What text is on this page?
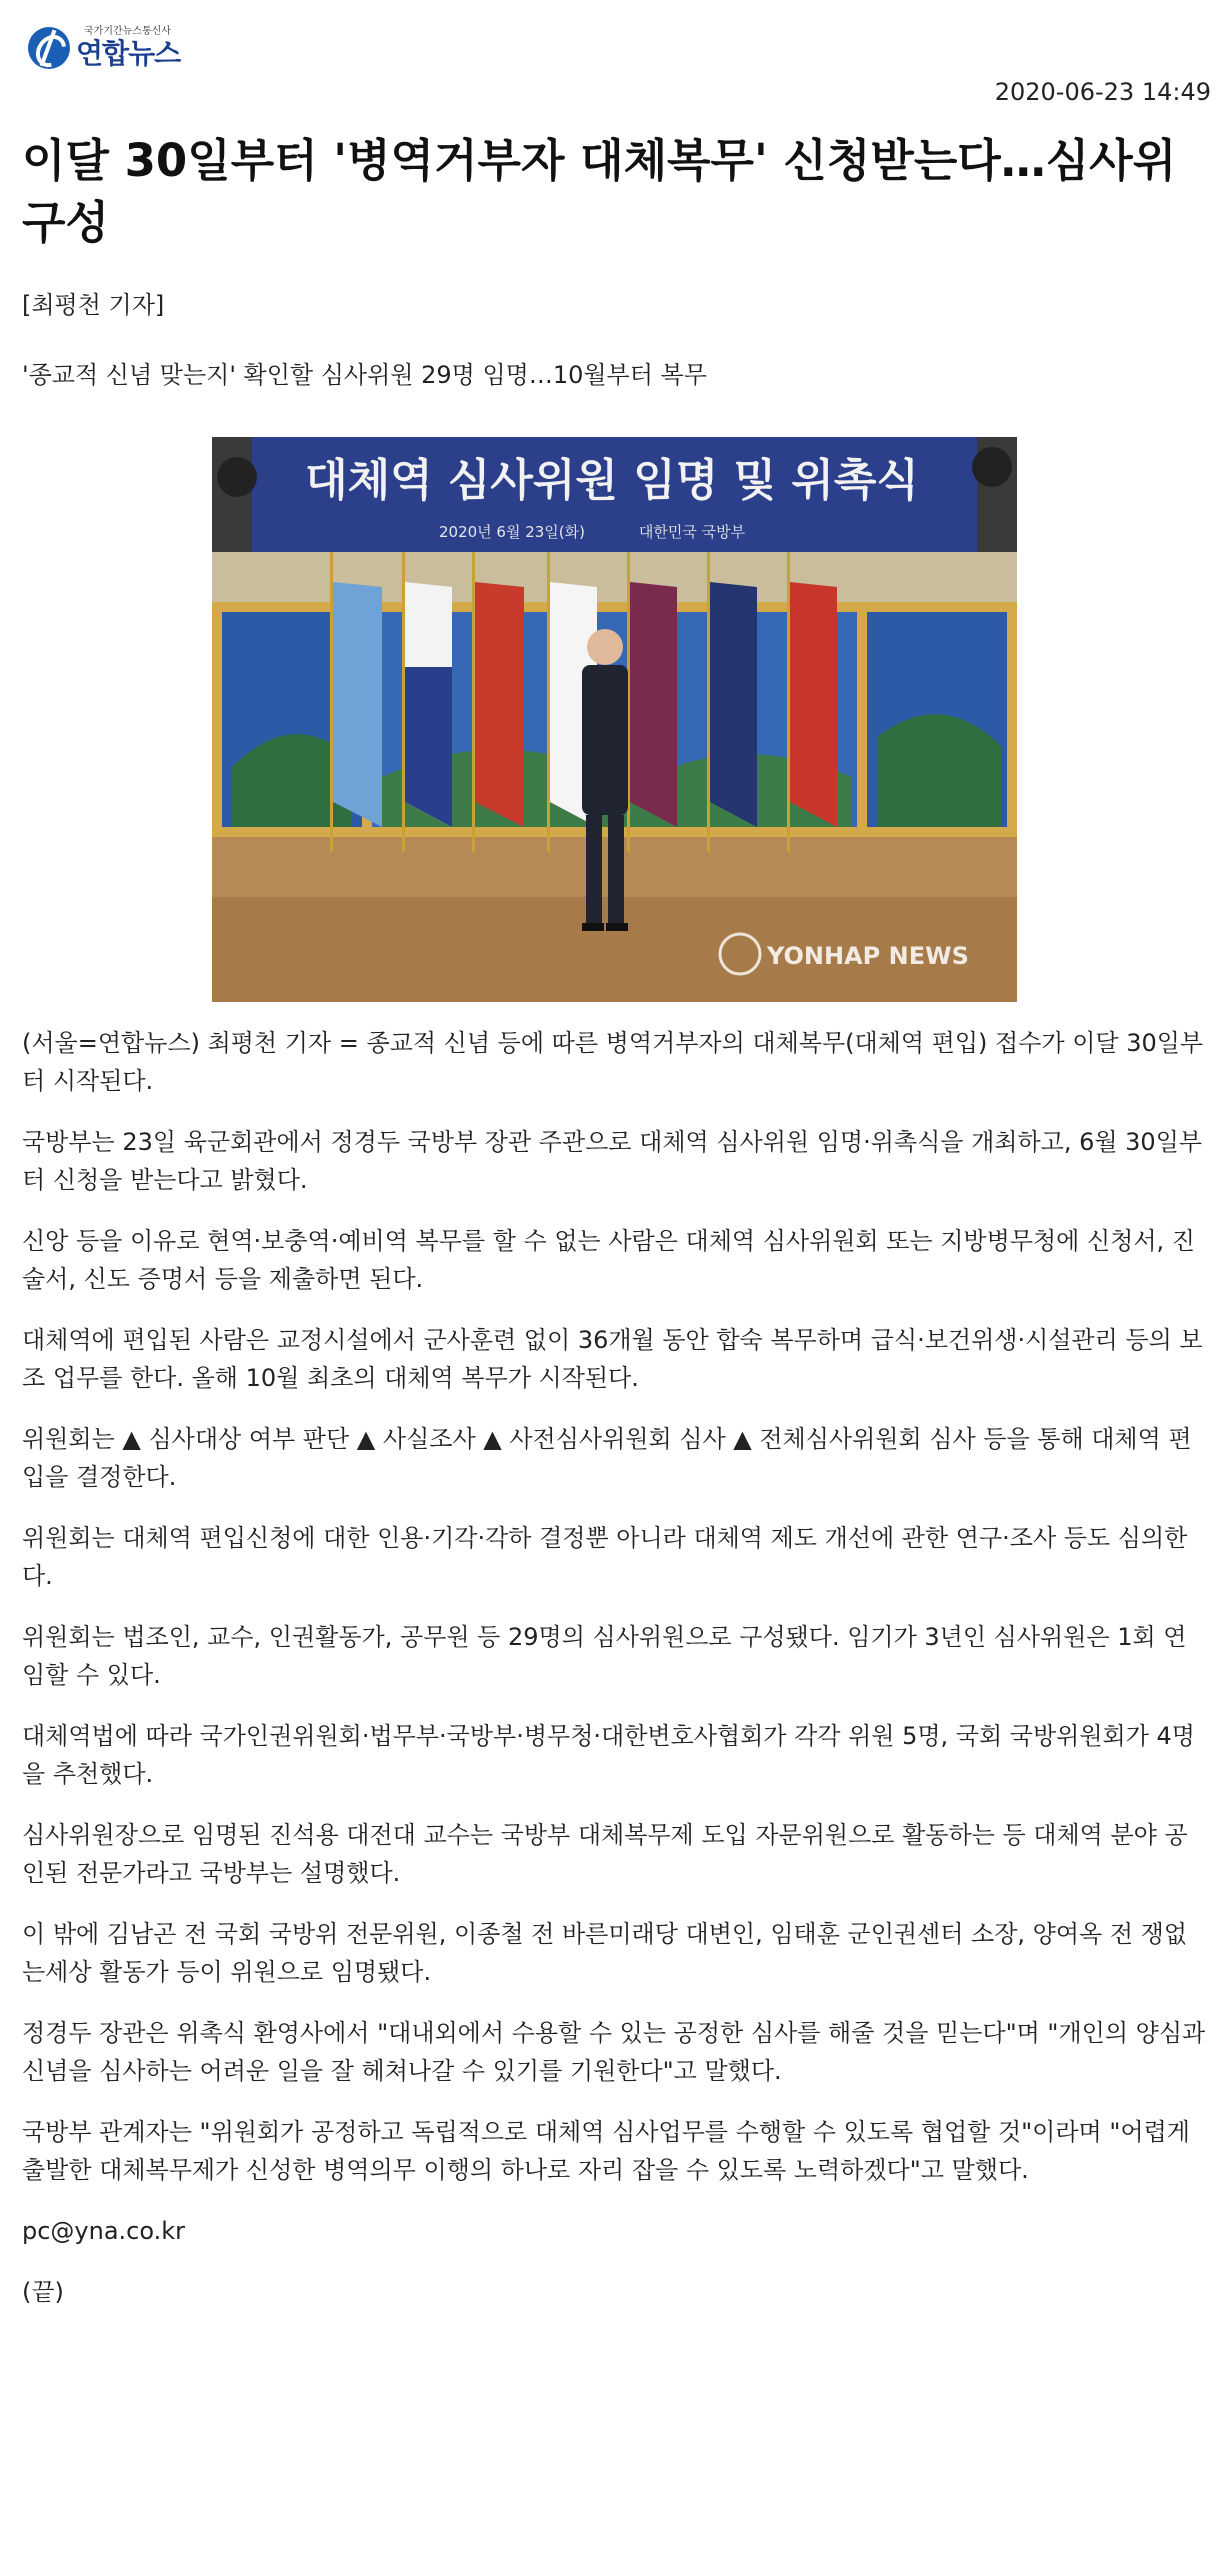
국가기간뉴스통신사
연합뉴스
2020-06-23 14:49
이달 30일부터 '병역거부자 대체복무' 신청받는다…심사위 구성
[최평천 기자]
'종교적 신념 맞는지' 확인할 심사위원 29명 임명…10월부터 복무
대체역 심사위원 임명 및 위촉식
2020년 6월 23일(화)	대한민국 국방부
YONHAP NEWS

(서울=연합뉴스) 최평천 기자 = 종교적 신념 등에 따른 병역거부자의 대체복무(대체역 편입) 접수가 이달 30일부터 시작된다.

국방부는 23일 육군회관에서 정경두 국방부 장관 주관으로 대체역 심사위원 임명·위촉식을 개최하고, 6월 30일부터 신청을 받는다고 밝혔다.

신앙 등을 이유로 현역·보충역·예비역 복무를 할 수 없는 사람은 대체역 심사위원회 또는 지방병무청에 신청서, 진술서, 신도 증명서 등을 제출하면 된다.

대체역에 편입된 사람은 교정시설에서 군사훈련 없이 36개월 동안 합숙 복무하며 급식·보건위생·시설관리 등의 보조 업무를 한다. 올해 10월 최초의 대체역 복무가 시작된다.

위원회는 ▲ 심사대상 여부 판단 ▲ 사실조사 ▲ 사전심사위원회 심사 ▲ 전체심사위원회 심사 등을 통해 대체역 편입을 결정한다.

위원회는 대체역 편입신청에 대한 인용·기각·각하 결정뿐 아니라 대체역 제도 개선에 관한 연구·조사 등도 심의한다.

위원회는 법조인, 교수, 인권활동가, 공무원 등 29명의 심사위원으로 구성됐다. 임기가 3년인 심사위원은 1회 연임할 수 있다.

대체역법에 따라 국가인권위원회·법무부·국방부·병무청·대한변호사협회가 각각 위원 5명, 국회 국방위원회가 4명을 추천했다.

심사위원장으로 임명된 진석용 대전대 교수는 국방부 대체복무제 도입 자문위원으로 활동하는 등 대체역 분야 공인된 전문가라고 국방부는 설명했다.

이 밖에 김남곤 전 국회 국방위 전문위원, 이종철 전 바른미래당 대변인, 임태훈 군인권센터 소장, 양여옥 전 쟁없는세상 활동가 등이 위원으로 임명됐다.

정경두 장관은 위촉식 환영사에서 "대내외에서 수용할 수 있는 공정한 심사를 해줄 것을 믿는다"며 "개인의 양심과 신념을 심사하는 어려운 일을 잘 헤쳐나갈 수 있기를 기원한다"고 말했다.

국방부 관계자는 "위원회가 공정하고 독립적으로 대체역 심사업무를 수행할 수 있도록 협업할 것"이라며 "어렵게 출발한 대체복무제가 신성한 병역의무 이행의 하나로 자리 잡을 수 있도록 노력하겠다"고 말했다.

pc@yna.co.kr

(끝)
